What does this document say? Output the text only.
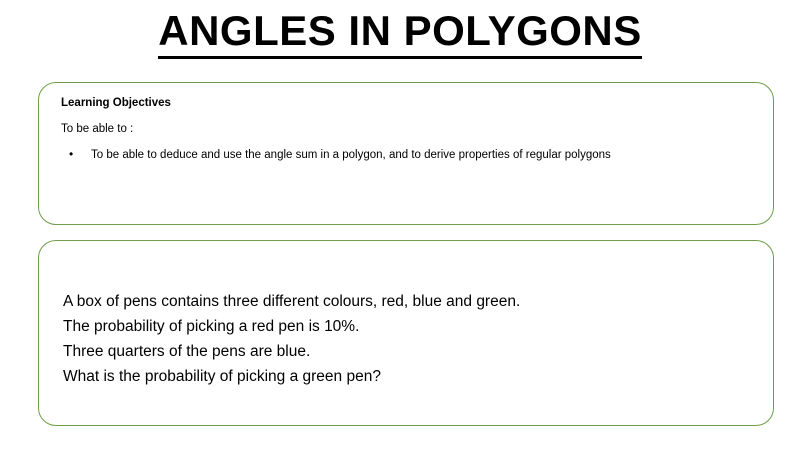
ANGLES IN POLYGONS

Learning Objectives

To be able to :

• To be able to deduce and use the angle sum in a polygon, and to derive properties of regular polygons

A box of pens contains three different colours, red, blue and green.

The probability of picking a red pen is 10%.

Three quarters of the pens are blue.

What is the probability of picking a green pen?
